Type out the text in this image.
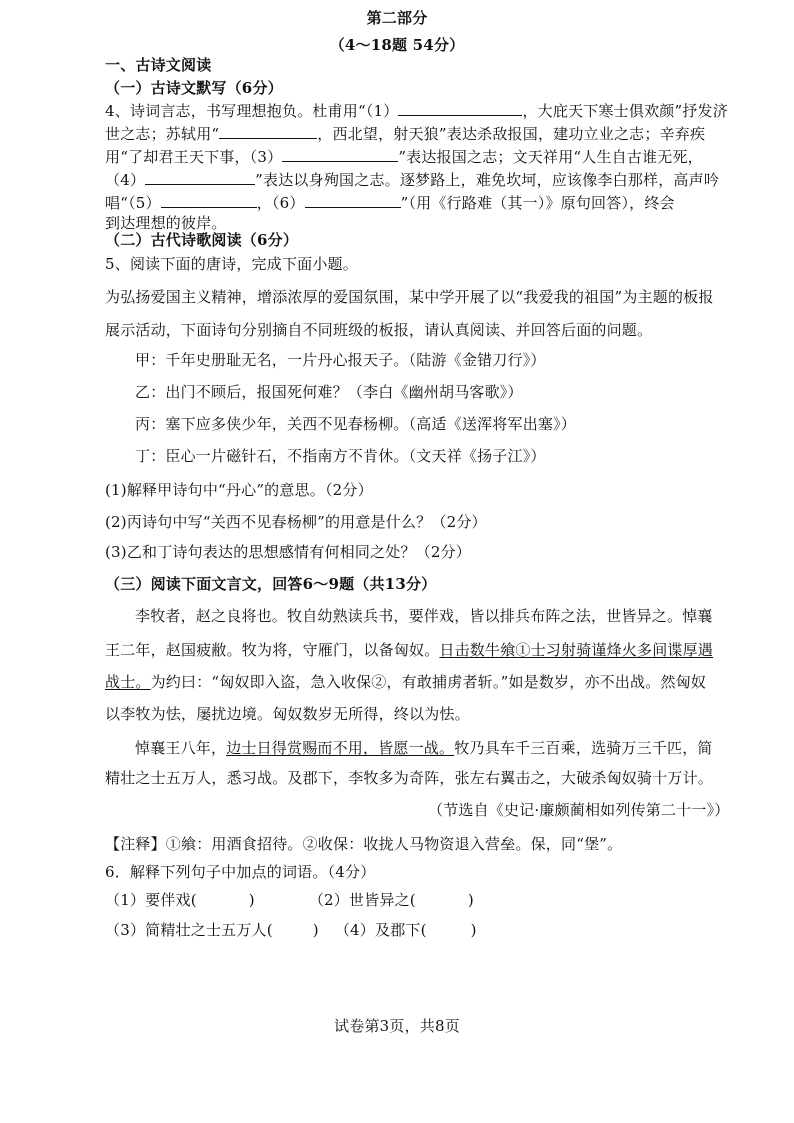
第二部分
（4～18题 54分）
一、古诗文阅读
（一）古诗文默写（6分）
4、诗词言志，书写理想抱负。杜甫用“（1）	，大庇天下寒士俱欢颜”抒发济
世之志；苏轼用“	，西北望，射天狼”表达杀敌报国，建功立业之志；辛弃疾
用“了却君王天下事，（3）	”表达报国之志；文天祥用“人生自古谁无死，
（4）	”表达以身殉国之志。逐梦路上，难免坎坷，应该像李白那样，高声吟
唱“（5）	，（6）	”（用《行路难（其一）》原句回答），终会
到达理想的彼岸。
（二）古代诗歌阅读（6分）
5、阅读下面的唐诗，完成下面小题。
为弘扬爱国主义精神，增添浓厚的爱国氛围，某中学开展了以“我爱我的祖国”为主题的板报
展示活动，下面诗句分别摘自不同班级的板报，请认真阅读、并回答后面的问题。
甲：千年史册耻无名，一片丹心报天子。（陆游《金错刀行》）
乙：出门不顾后，报国死何难？（李白《幽州胡马客歌》）
丙：塞下应多侠少年，关西不见春杨柳。（高适《送浑将军出塞》）
丁：臣心一片磁针石，不指南方不肯休。（文天祥《扬子江》）
(1)解释甲诗句中“丹心”的意思。（2分）
(2)丙诗句中写“关西不见春杨柳”的用意是什么？（2分）
(3)乙和丁诗句表达的思想感情有何相同之处？（2分）
（三）阅读下面文言文，回答6～9题（共13分）
李牧者，赵之良将也。牧自幼熟读兵书，要伴戏，皆以排兵布阵之法，世皆异之。悼襄
王二年，赵国疲敝。牧为将，守雁门，以备匈奴。日击数牛飨①士习射骑谨烽火多间谍厚遇
战士。为约曰：“匈奴即入盗，急入收保②，有敢捕虏者斩。”如是数岁，亦不出战。然匈奴
以李牧为怯，屡扰边境。匈奴数岁无所得，终以为怯。
悼襄王八年，边士日得赏赐而不用，皆愿一战。牧乃具车千三百乘，选骑万三千匹，简
精壮之士五万人，悉习战。及郡下，李牧多为奇阵，张左右翼击之，大破杀匈奴骑十万计。
（节选自《史记·廉颇蔺相如列传第二十一》）
【注释】①飨：用酒食招待。②收保：收拢人马物资退入营垒。保，同“堡”。
6．解释下列句子中加点的词语。（4分）
（1）要伴戏(	)	（2）世皆异之(	)
（3）简精壮之士五万人(	) （4）及郡下(	)
试卷第3页，共8页
